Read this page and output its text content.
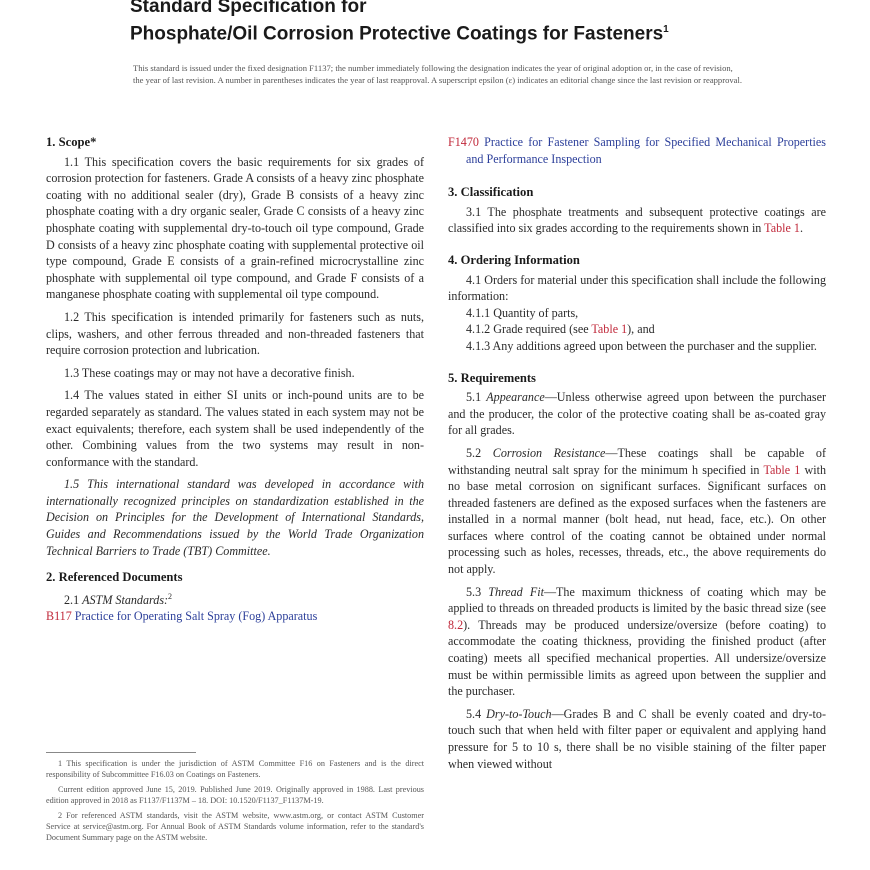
Standard Specification for
Phosphate/Oil Corrosion Protective Coatings for Fasteners$^1$
This standard is issued under the fixed designation F1137; the number immediately following the designation indicates the year of original adoption or, in the case of revision, the year of last revision. A number in parentheses indicates the year of last reapproval. A superscript epsilon (ε) indicates an editorial change since the last revision or reapproval.
1. Scope*

1.1 This specification covers the basic requirements for six grades of corrosion protection for fasteners. Grade A consists of a heavy zinc phosphate coating with no additional sealer (dry), Grade B consists of a heavy zinc phosphate coating with a dry organic sealer, Grade C consists of a heavy zinc phosphate coating with supplemental dry-to-touch oil type compound, Grade D consists of a heavy zinc phosphate coating with supplemental protective oil type compound, Grade E consists of a grain-refined microcrystalline zinc phosphate with supplemental oil type compound, and Grade F consists of a manganese phosphate coating with supplemental oil type compound.

1.2 This specification is intended primarily for fasteners such as nuts, clips, washers, and other ferrous threaded and non-threaded fasteners that require corrosion protection and lubrication.

1.3 These coatings may or may not have a decorative finish.

1.4 The values stated in either SI units or inch-pound units are to be regarded separately as standard. The values stated in each system may not be exact equivalents; therefore, each system shall be used independently of the other. Combining values from the two systems may result in non-conformance with the standard.

1.5 This international standard was developed in accordance with internationally recognized principles on standardization established in the Decision on Principles for the Development of International Standards, Guides and Recommendations issued by the World Trade Organization Technical Barriers to Trade (TBT) Committee.

2. Referenced Documents

2.1 ASTM Standards:$^2$

B117 Practice for Operating Salt Spray (Fog) Apparatus

1 This specification is under the jurisdiction of ASTM Committee F16 on Fasteners and is the direct responsibility of Subcommittee F16.03 on Coatings on Fasteners.

Current edition approved June 15, 2019. Published June 2019. Originally approved in 1988. Last previous edition approved in 2018 as F1137/F1137M – 18. DOI: 10.1520/F1137_F1137M-19.

2 For referenced ASTM standards, visit the ASTM website, www.astm.org, or contact ASTM Customer Service at service@astm.org. For Annual Book of ASTM Standards volume information, refer to the standard's Document Summary page on the ASTM website.

F1470 Practice for Fastener Sampling for Specified Mechanical Properties and Performance Inspection

3. Classification

3.1 The phosphate treatments and subsequent protective coatings are classified into six grades according to the requirements shown in Table 1.

4. Ordering Information

4.1 Orders for material under this specification shall include the following information:

4.1.1 Quantity of parts,

4.1.2 Grade required (see Table 1), and

4.1.3 Any additions agreed upon between the purchaser and the supplier.

5. Requirements

5.1 Appearance—Unless otherwise agreed upon between the purchaser and the producer, the color of the protective coating shall be as-coated gray for all grades.

5.2 Corrosion Resistance—These coatings shall be capable of withstanding neutral salt spray for the minimum h specified in Table 1 with no base metal corrosion on significant surfaces. Significant surfaces on threaded fasteners are defined as the exposed surfaces when the fasteners are installed in a normal manner (bolt head, nut head, face, etc.). On other surfaces where control of the coating cannot be obtained under normal processing such as holes, recesses, threads, etc., the above requirements do not apply.

5.3 Thread Fit—The maximum thickness of coating which may be applied to threads on threaded products is limited by the basic thread size (see 8.2). Threads may be produced undersize/oversize (before coating) to accommodate the coating thickness, providing the finished product (after coating) meets all specified mechanical properties. All undersize/oversize must be within permissible limits as agreed upon between the supplier and the purchaser.

5.4 Dry-to-Touch—Grades B and C shall be evenly coated and dry-to-touch such that when held with filter paper or equivalent and applying hand pressure for 5 to 10 s, there shall be no visible staining of the filter paper when viewed without
